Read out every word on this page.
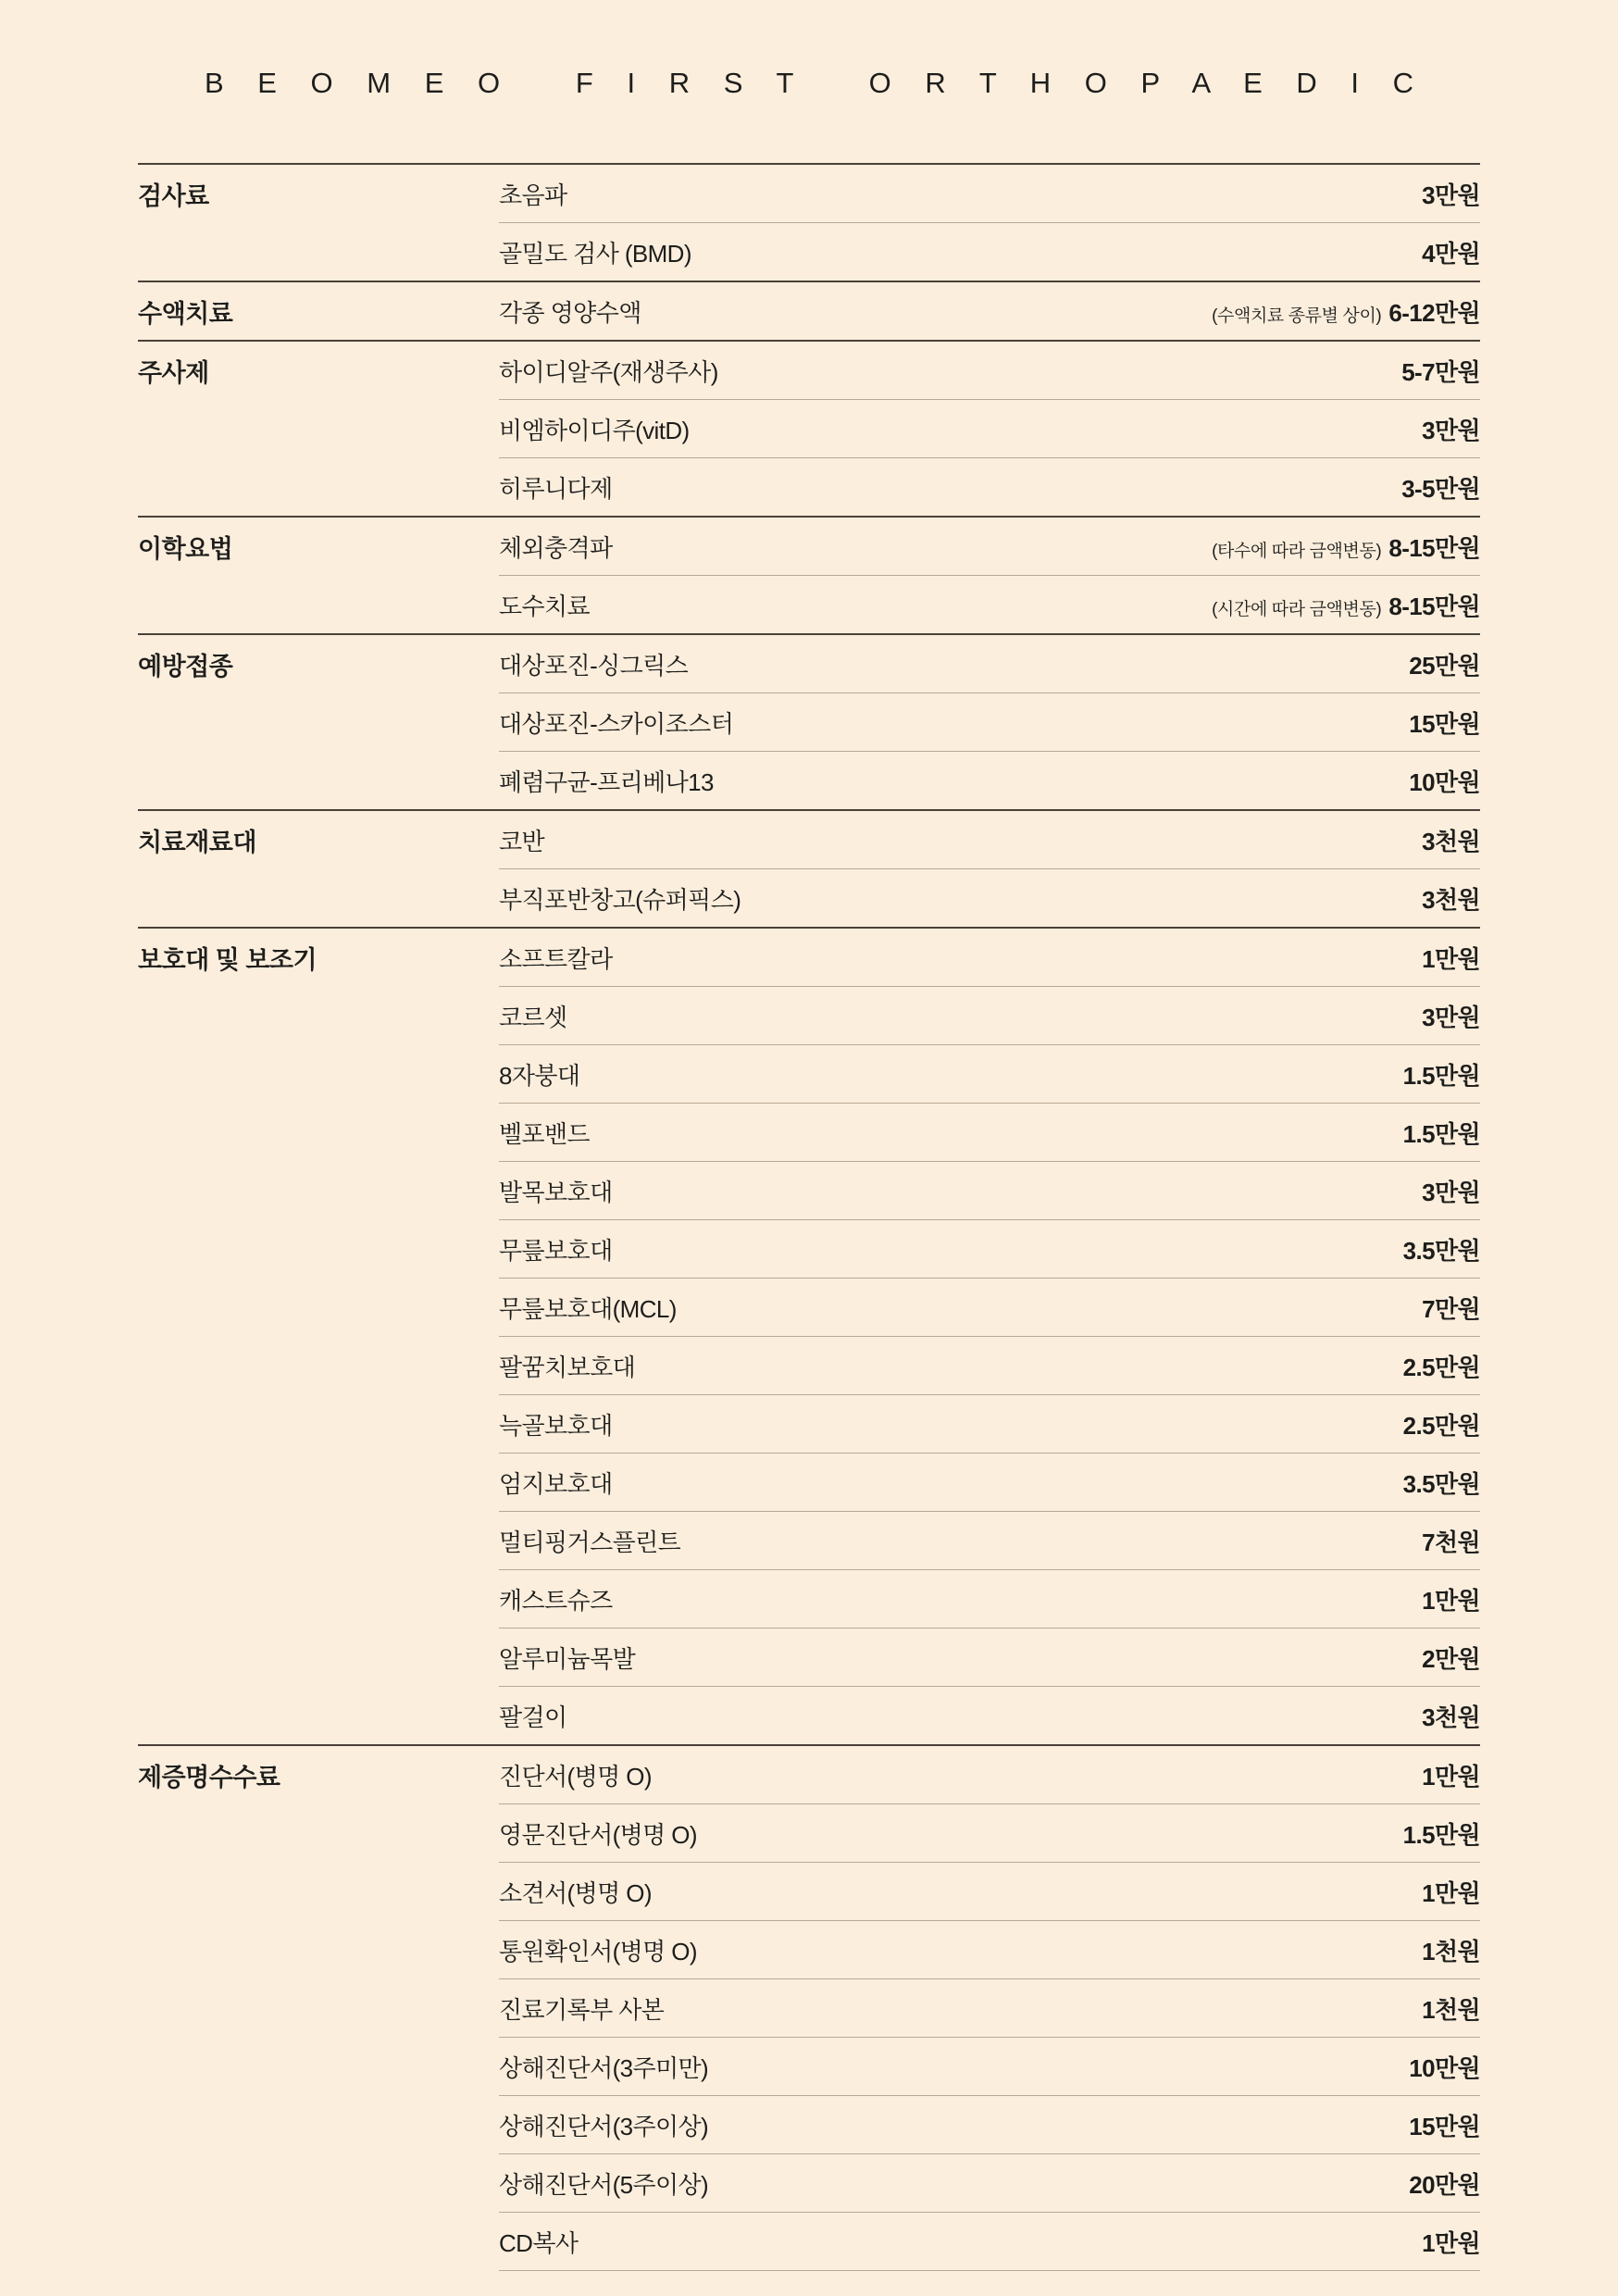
B E O M E O   F I R S T   O R T H O P A E D I C
검사료	초음파	3만원
	골밀도 검사 (BMD)	4만원
수액치료	각종 영양수액	(수액치료 종류별 상이) 6-12만원
주사제	하이디알주(재생주사)	5-7만원
	비엠하이디주(vitD)	3만원
	히루니다제	3-5만원
이학요법	체외충격파	(타수에 따라 금액변동) 8-15만원
	도수치료	(시간에 따라 금액변동) 8-15만원
예방접종	대상포진-싱그릭스	25만원
	대상포진-스카이조스터	15만원
	폐렴구균-프리베나13	10만원
치료재료대	코반	3천원
	부직포반창고(슈퍼픽스)	3천원
보호대 및 보조기	소프트칼라	1만원
	코르셋	3만원
	8자붕대	1.5만원
	벨포밴드	1.5만원
	발목보호대	3만원
	무릎보호대	3.5만원
	무릎보호대(MCL)	7만원
	팔꿈치보호대	2.5만원
	늑골보호대	2.5만원
	엄지보호대	3.5만원
	멀티핑거스플린트	7천원
	캐스트슈즈	1만원
	알루미늄목발	2만원
	팔걸이	3천원
제증명수수료	진단서(병명 O)	1만원
	영문진단서(병명 O)	1.5만원
	소견서(병명 O)	1만원
	통원확인서(병명 O)	1천원
	진료기록부 사본	1천원
	상해진단서(3주미만)	10만원
	상해진단서(3주이상)	15만원
	상해진단서(5주이상)	20만원
	CD복사	1만원
